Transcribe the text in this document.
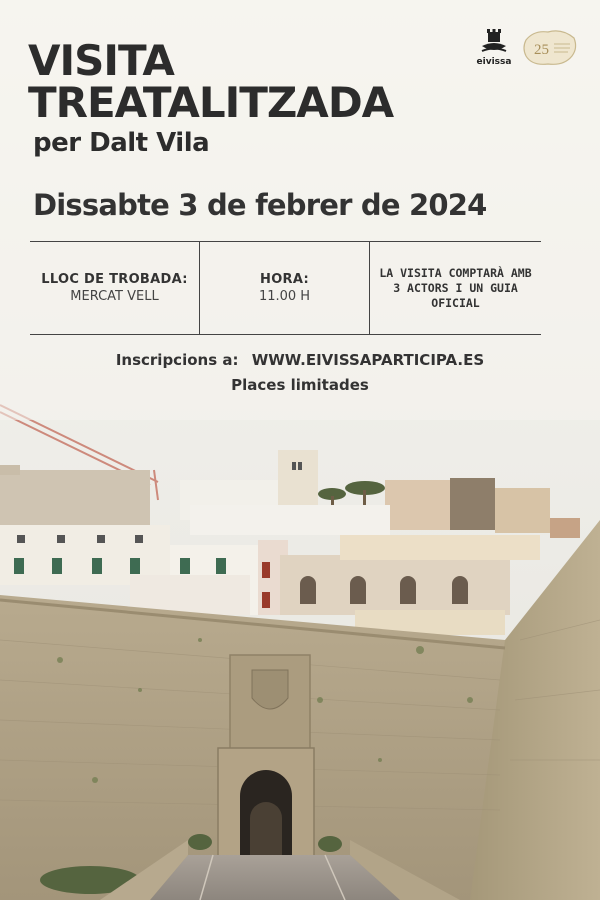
eivissa
25
VISITA
TREATALITZADA
per Dalt Vila
Dissabte 3 de febrer de 2024
LLOC DE TROBADA:
MERCAT VELL
HORA:
11.00 H
LA VISITA COMPTARÀ AMB 3 ACTORS I UN GUIA OFICIAL
Inscripcions a: WWW.EIVISSAPARTICIPA.ES
Places limitades
